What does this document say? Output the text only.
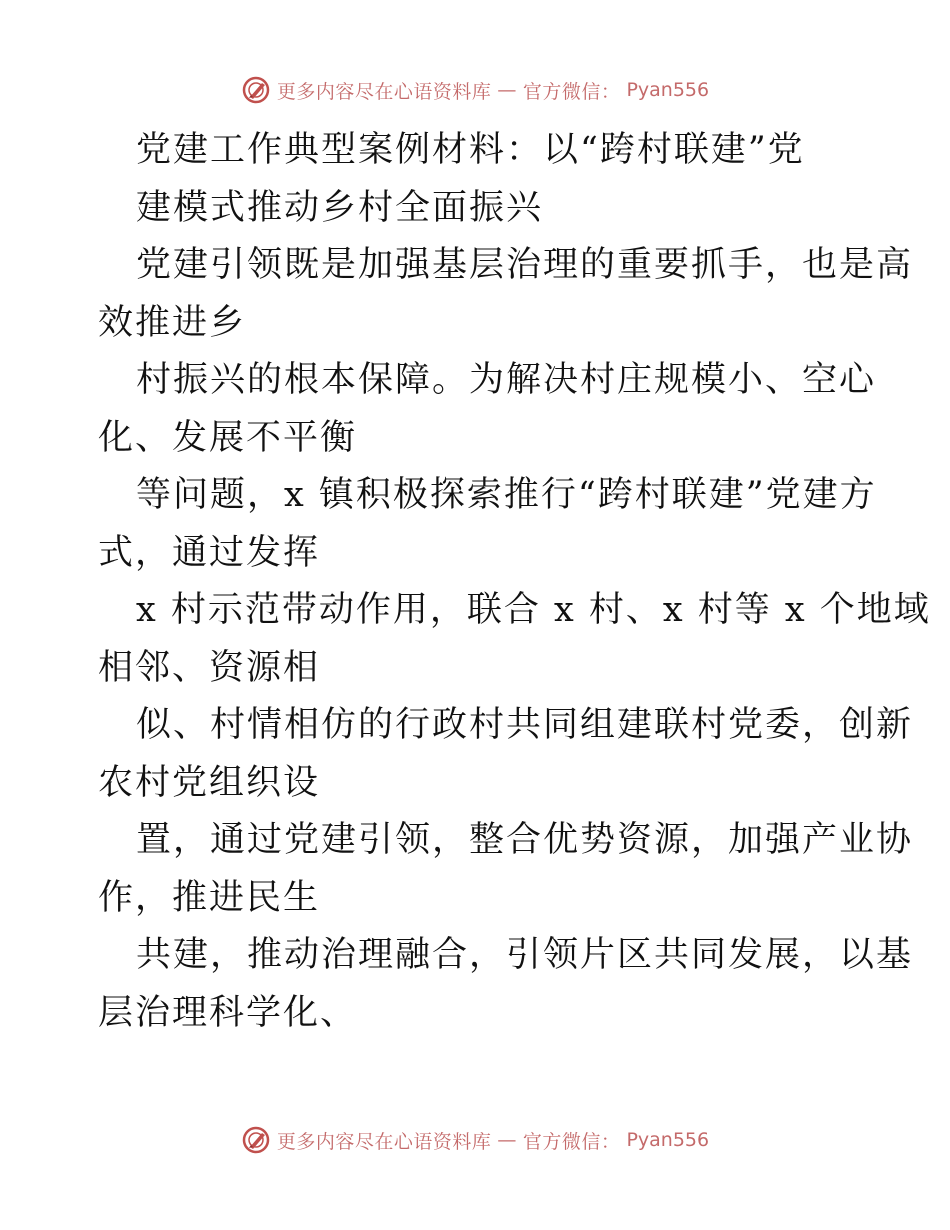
更多内容尽在心语资料库 — 官方微信： Pyan556
党建工作典型案例材料：以“跨村联建”党
建模式推动乡村全面振兴
党建引领既是加强基层治理的重要抓手，也是高
效推进乡
村振兴的根本保障。为解决村庄规模小、空心
化、发展不平衡
等问题，x 镇积极探索推行“跨村联建”党建方
式，通过发挥
x 村示范带动作用，联合 x 村、x 村等 x 个地域
相邻、资源相
似、村情相仿的行政村共同组建联村党委，创新
农村党组织设
置，通过党建引领，整合优势资源，加强产业协
作，推进民生
共建，推动治理融合，引领片区共同发展，以基
层治理科学化、
更多内容尽在心语资料库 — 官方微信： Pyan556
